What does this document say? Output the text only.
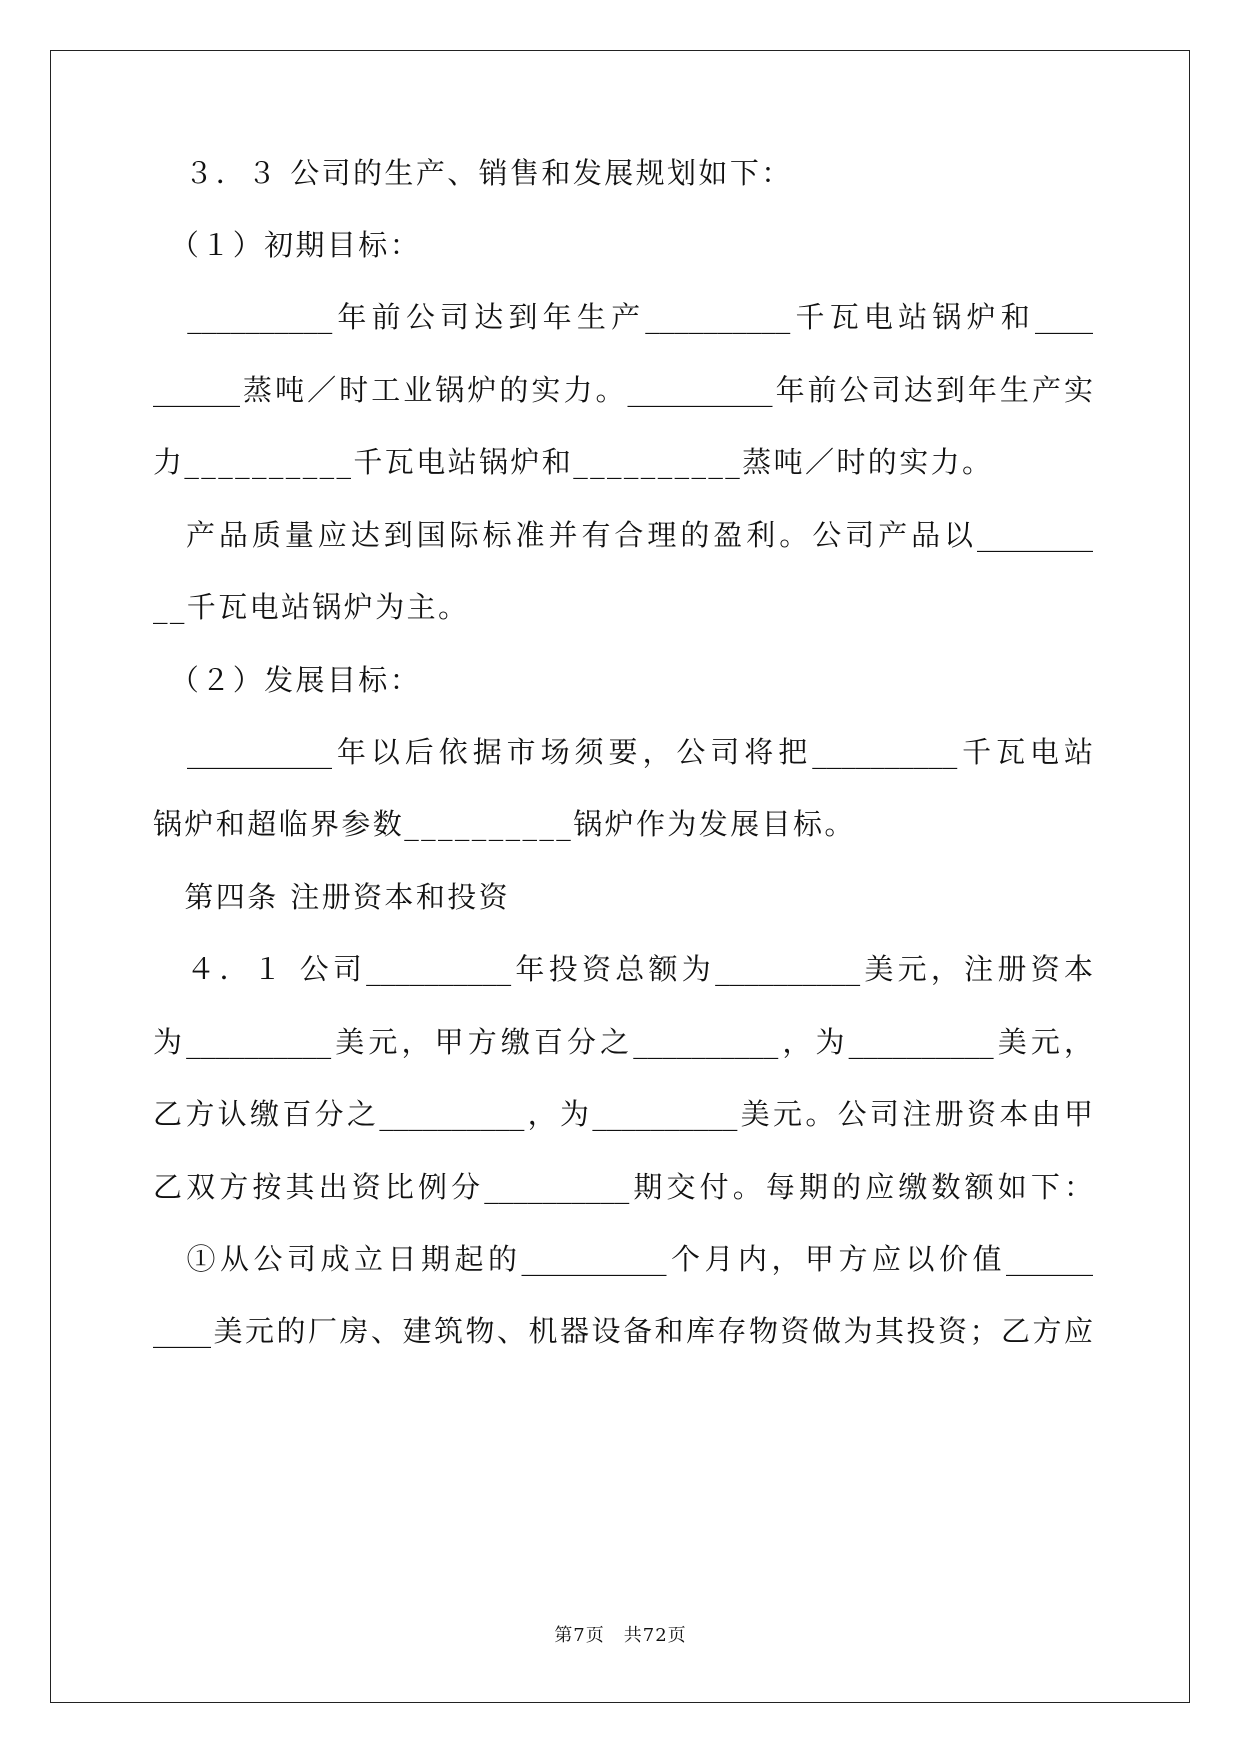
　３．３ 公司的生产、销售和发展规划如下：
　（１）初期目标：
　__________年前公司达到年生产__________千瓦电站锅炉和____
______蒸吨／时工业锅炉的实力。__________年前公司达到年生产实
力__________千瓦电站锅炉和__________蒸吨／时的实力。
　产品质量应达到国际标准并有合理的盈利。公司产品以________
__千瓦电站锅炉为主。
　（２）发展目标：
　__________年以后依据市场须要，公司将把__________千瓦电站
锅炉和超临界参数__________锅炉作为发展目标。
　第四条 注册资本和投资
　４．１ 公司__________年投资总额为__________美元，注册资本
为__________美元，甲方缴百分之__________，为__________美元，
乙方认缴百分之__________，为__________美元。公司注册资本由甲
乙双方按其出资比例分__________期交付。每期的应缴数额如下：
　①从公司成立日期起的__________个月内，甲方应以价值______
____美元的厂房、建筑物、机器设备和库存物资做为其投资；乙方应
第7页　共72页
